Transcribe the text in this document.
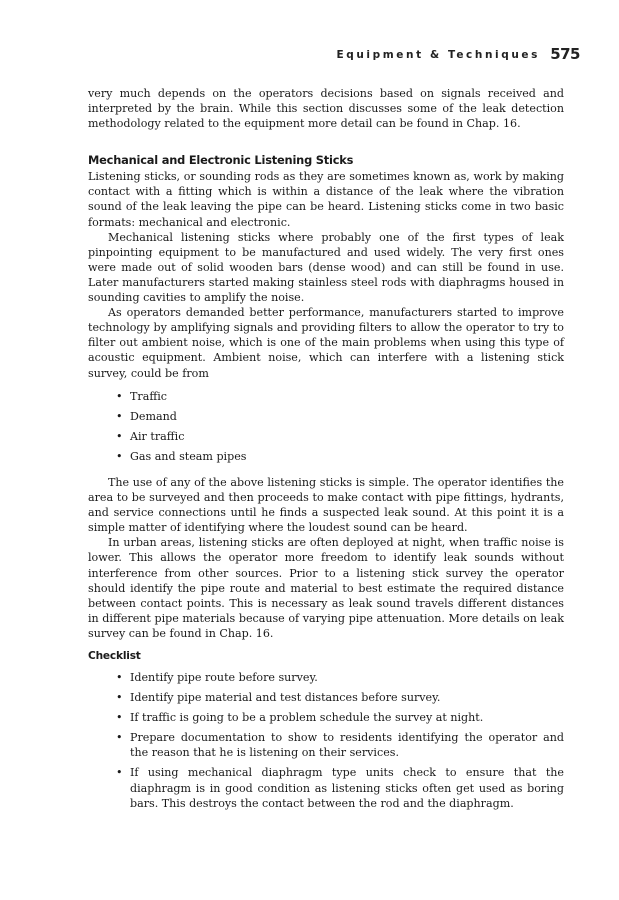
Equipment & Techniques 575

very much depends on the operators decisions based on signals received and interpreted by the brain. While this section discusses some of the leak detection methodology related to the equipment more detail can be found in Chap. 16.

Mechanical and Electronic Listening Sticks

Listening sticks, or sounding rods as they are sometimes known as, work by making contact with a fitting which is within a distance of the leak where the vibration sound of the leak leaving the pipe can be heard. Listening sticks come in two basic formats: mechanical and electronic.

Mechanical listening sticks where probably one of the first types of leak pinpointing equipment to be manufactured and used widely. The very first ones were made out of solid wooden bars (dense wood) and can still be found in use. Later manufacturers started making stainless steel rods with diaphragms housed in sounding cavities to amplify the noise.

As operators demanded better performance, manufacturers started to improve technology by amplifying signals and providing filters to allow the operator to try to filter out ambient noise, which is one of the main problems when using this type of acoustic equipment. Ambient noise, which can interfere with a listening stick survey, could be from

• Traffic
• Demand
• Air traffic
• Gas and steam pipes

The use of any of the above listening sticks is simple. The operator identifies the area to be surveyed and then proceeds to make contact with pipe fittings, hydrants, and service connections until he finds a suspected leak sound. At this point it is a simple matter of identifying where the loudest sound can be heard.

In urban areas, listening sticks are often deployed at night, when traffic noise is lower. This allows the operator more freedom to identify leak sounds without interference from other sources. Prior to a listening stick survey the operator should identify the pipe route and material to best estimate the required distance between contact points. This is necessary as leak sound travels different distances in different pipe materials because of varying pipe attenuation. More details on leak survey can be found in Chap. 16.

Checklist
• Identify pipe route before survey.
• Identify pipe material and test distances before survey.
• If traffic is going to be a problem schedule the survey at night.
• Prepare documentation to show to residents identifying the operator and the reason that he is listening on their services.
• If using mechanical diaphragm type units check to ensure that the diaphragm is in good condition as listening sticks often get used as boring bars. This destroys the contact between the rod and the diaphragm.
